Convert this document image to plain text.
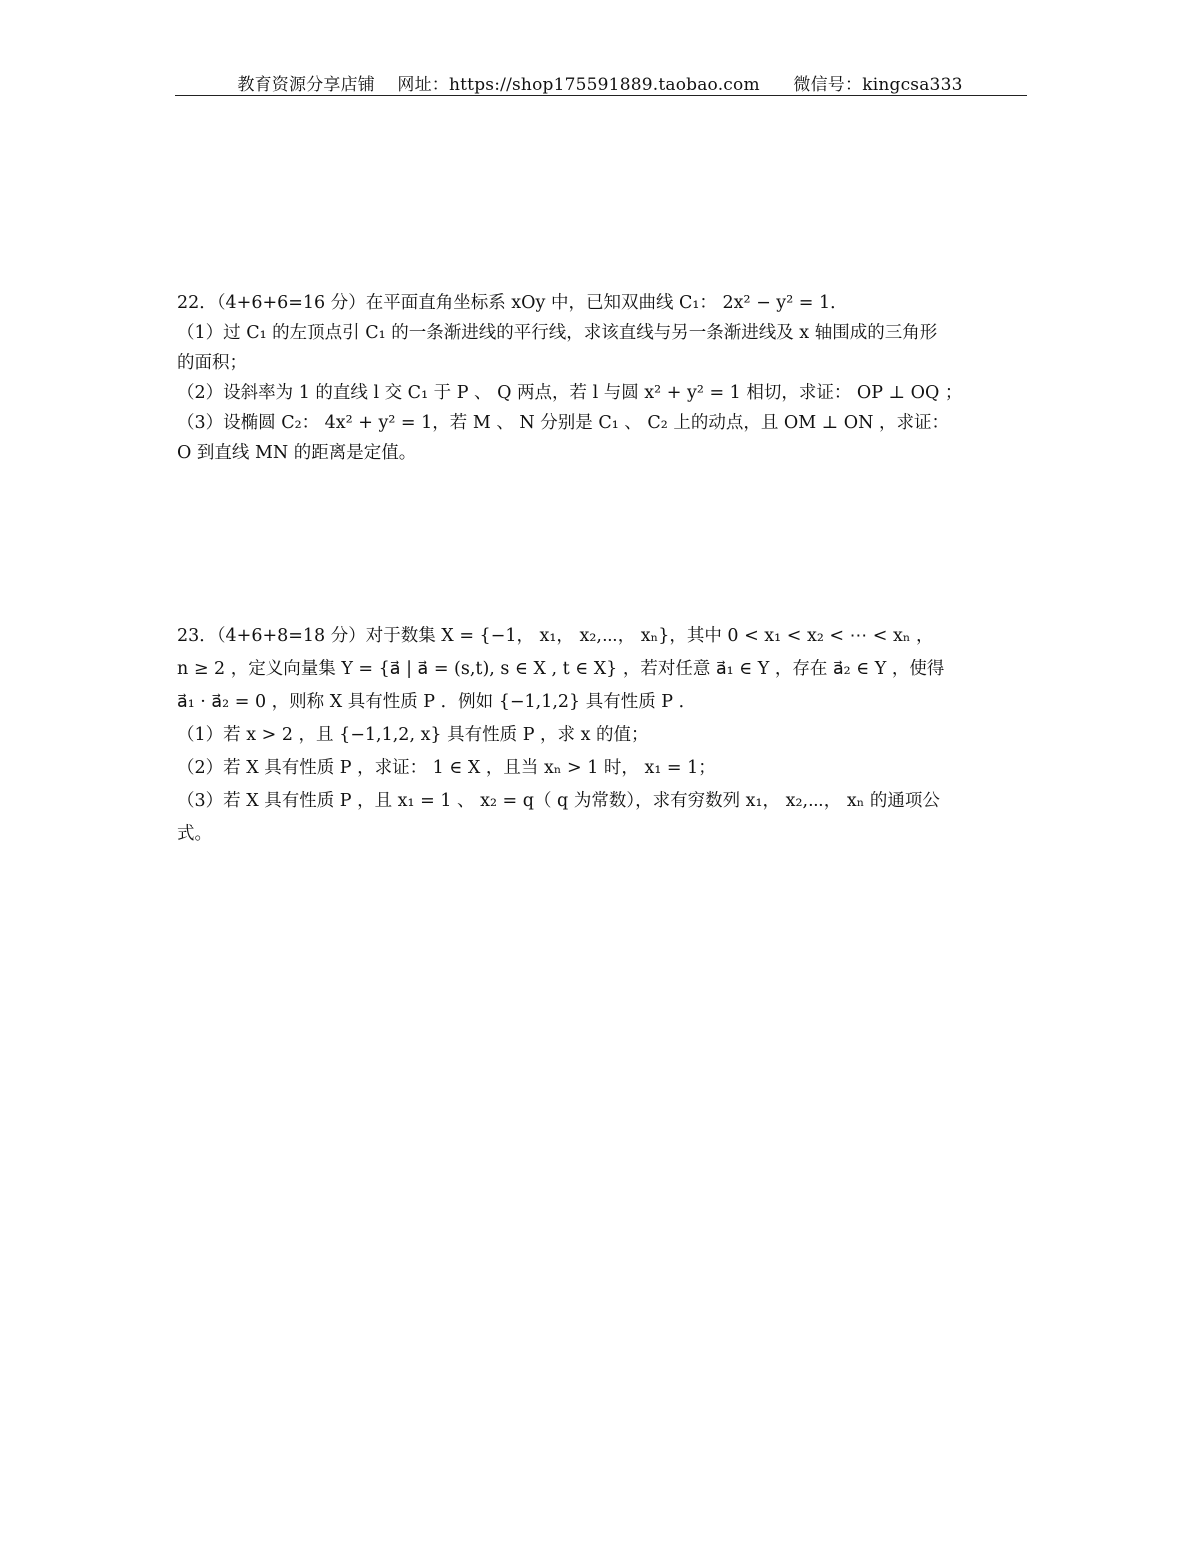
教育资源分享店铺    网址：https://shop175591889.taobao.com      微信号：kingcsa333
22．（4+6+6=16 分）在平面直角坐标系 xOy 中，已知双曲线 C₁： 2x² − y² = 1．
（1）过 C₁ 的左顶点引 C₁ 的一条渐进线的平行线，求该直线与另一条渐进线及 x 轴围成的三角形
的面积；
（2）设斜率为 1 的直线 l 交 C₁ 于 P 、 Q 两点，若 l 与圆 x² + y² = 1 相切，求证： OP ⊥ OQ ；
（3）设椭圆 C₂： 4x² + y² = 1，若 M 、 N 分别是 C₁ 、 C₂ 上的动点，且 OM ⊥ ON ，求证：
O 到直线 MN 的距离是定值。
23．（4+6+8=18 分）对于数集 X = {−1， x₁， x₂,⋯， xₙ}，其中 0 < x₁ < x₂ < ⋯ < xₙ ，
n ≥ 2 ，定义向量集 Y = {a⃗ | a⃗ = (s,t), s ∈ X , t ∈ X} ，若对任意 a⃗₁ ∈ Y ，存在 a⃗₂ ∈ Y ，使得
a⃗₁ · a⃗₂ = 0 ，则称 X 具有性质 P ．例如 {−1,1,2} 具有性质 P ．
（1）若 x > 2 ，且 {−1,1,2, x} 具有性质 P ，求 x 的值；
（2）若 X 具有性质 P ，求证： 1 ∈ X ，且当 xₙ > 1 时， x₁ = 1；
（3）若 X 具有性质 P ，且 x₁ = 1 、 x₂ = q（ q 为常数），求有穷数列 x₁， x₂,⋯， xₙ 的通项公
式。
